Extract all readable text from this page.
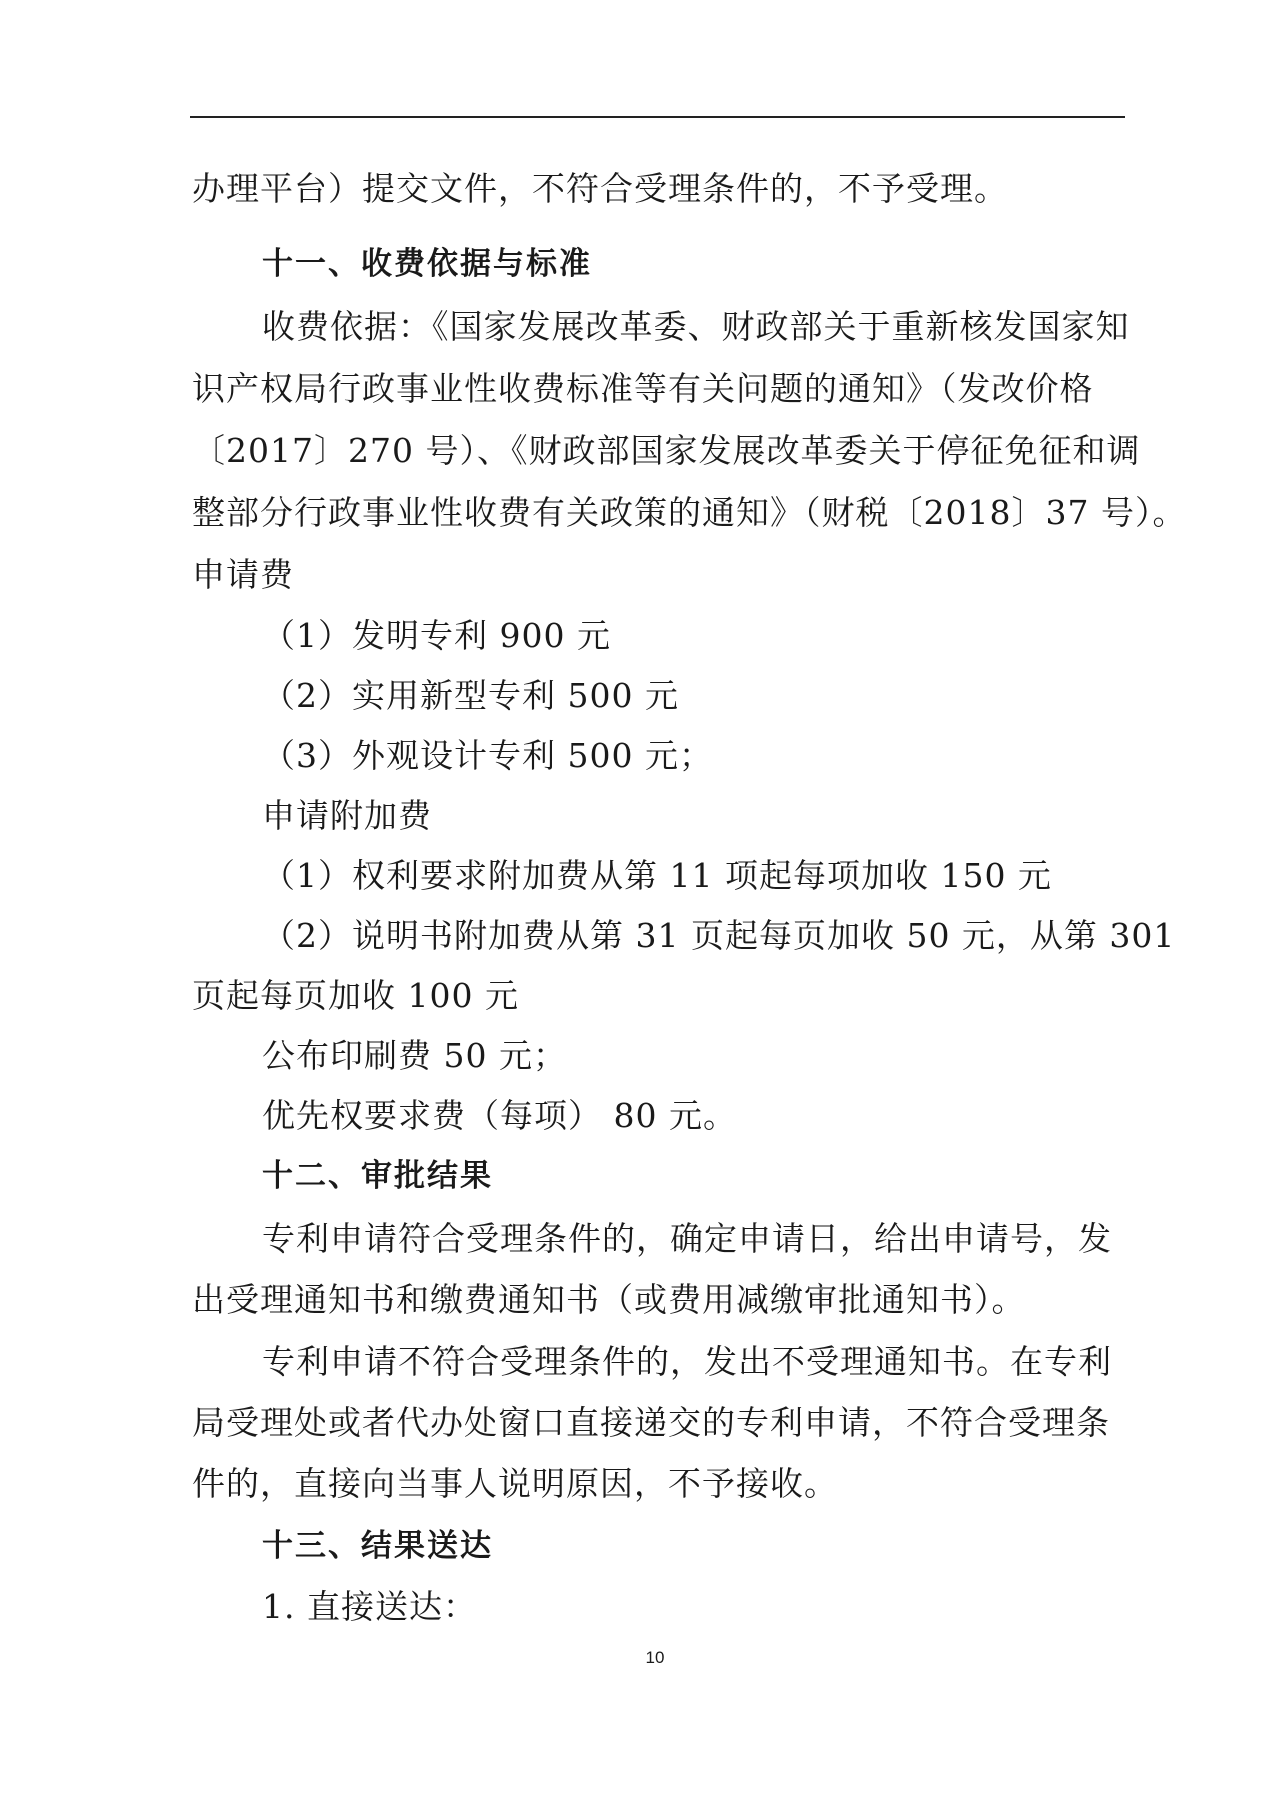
办理平台）提交文件，不符合受理条件的，不予受理。
十一、收费依据与标准
收费依据：《国家发展改革委、财政部关于重新核发国家知
识产权局行政事业性收费标准等有关问题的通知》（发改价格
〔2017〕270 号）、《财政部国家发展改革委关于停征免征和调
整部分行政事业性收费有关政策的通知》（财税〔2018〕37 号）。
申请费
（1）发明专利 900 元
（2）实用新型专利 500 元
（3）外观设计专利 500 元；
申请附加费
（1）权利要求附加费从第 11 项起每项加收 150 元
（2）说明书附加费从第 31 页起每页加收 50 元，从第 301
页起每页加收 100 元
公布印刷费 50 元；
优先权要求费（每项） 80 元。
十二、审批结果
专利申请符合受理条件的，确定申请日，给出申请号，发
出受理通知书和缴费通知书（或费用减缴审批通知书）。
专利申请不符合受理条件的，发出不受理通知书。在专利
局受理处或者代办处窗口直接递交的专利申请，不符合受理条
件的，直接向当事人说明原因，不予接收。
十三、结果送达
1. 直接送达：
10
